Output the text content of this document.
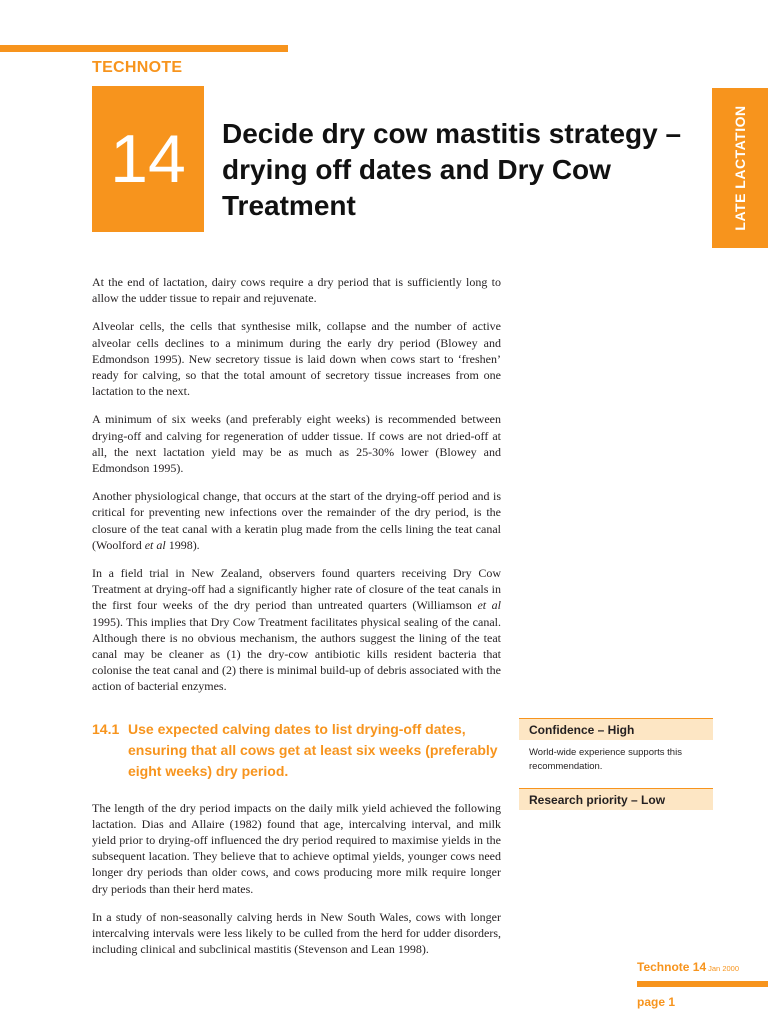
TECHNOTE
14	Decide dry cow mastitis strategy – drying off dates and Dry Cow Treatment	LATE LACTATION

At the end of lactation, dairy cows require a dry period that is sufficiently long to allow the udder tissue to repair and rejuvenate.

Alveolar cells, the cells that synthesise milk, collapse and the number of active alveolar cells declines to a minimum during the early dry period (Blowey and Edmondson 1995). New secretory tissue is laid down when cows start to ‘freshen’ ready for calving, so that the total amount of secretory tissue increases from one lactation to the next.

A minimum of six weeks (and preferably eight weeks) is recommended between drying-off and calving for regeneration of udder tissue. If cows are not dried-off at all, the next lactation yield may be as much as 25-30% lower (Blowey and Edmondson 1995).

Another physiological change, that occurs at the start of the drying-off period and is critical for preventing new infections over the remainder of the dry period, is the closure of the teat canal with a keratin plug made from the cells lining the teat canal (Woolford et al 1998).

In a field trial in New Zealand, observers found quarters receiving Dry Cow Treatment at drying-off had a significantly higher rate of closure of the teat canals in the first four weeks of the dry period than untreated quarters (Williamson et al 1995). This implies that Dry Cow Treatment facilitates physical sealing of the canal. Although there is no obvious mechanism, the authors suggest the lining of the teat canal may be cleaner as (1) the dry-cow antibiotic kills resident bacteria that colonise the teat canal and (2) there is minimal build-up of debris associated with the action of bacterial enzymes.

14.1 Use expected calving dates to list drying-off dates, ensuring that all cows get at least six weeks (preferably eight weeks) dry period.

The length of the dry period impacts on the daily milk yield achieved the following lactation. Dias and Allaire (1982) found that age, intercalving interval, and milk yield prior to drying-off influenced the dry period required to maximise yields in the subsequent lacation. They believe that to achieve optimal yields, younger cows need longer dry periods than older cows, and cows producing more milk require longer dry periods than their herd mates.

In a study of non-seasonally calving herds in New South Wales, cows with longer intercalving intervals were less likely to be culled from the herd for udder disorders, including clinical and subclinical mastitis (Stevenson and Lean 1998).

Confidence – High
World-wide experience supports this recommendation.
Research priority – Low
Technote 14 Jan 2000
page 1
